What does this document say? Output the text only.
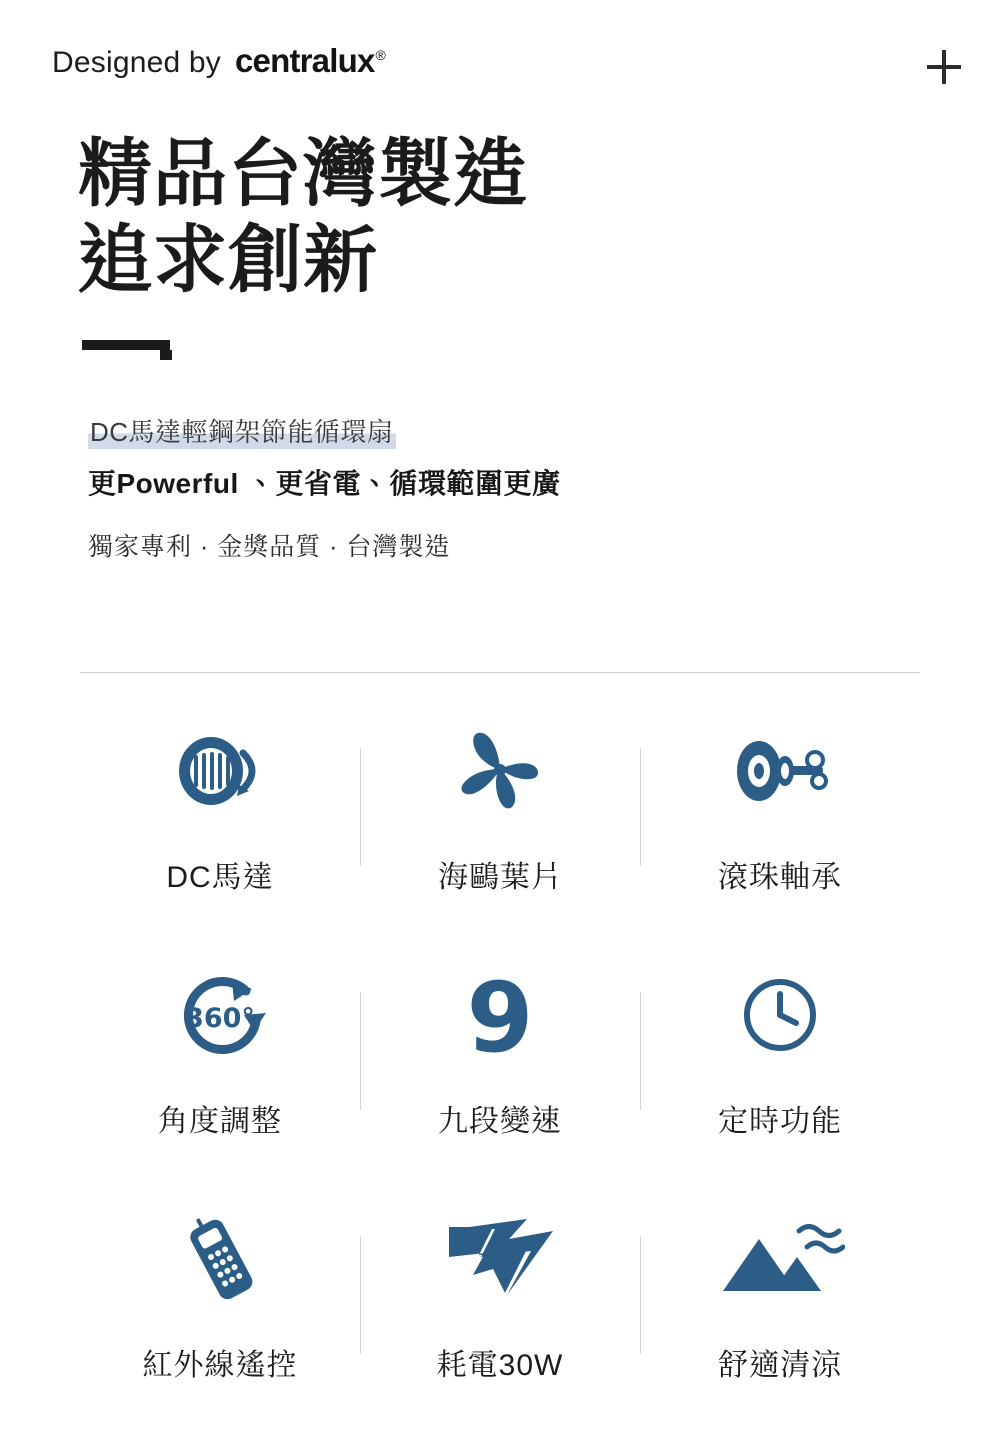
Designed by centralux®
精品台灣製造
追求創新
DC馬達輕鋼架節能循環扇
更Powerful 、更省電、循環範圍更廣
獨家專利 · 金獎品質 · 台灣製造
DC馬達	海鷗葉片	滾珠軸承
360°
角度調整
9
九段變速	定時功能
紅外線遙控	耗電30W	舒適清涼
